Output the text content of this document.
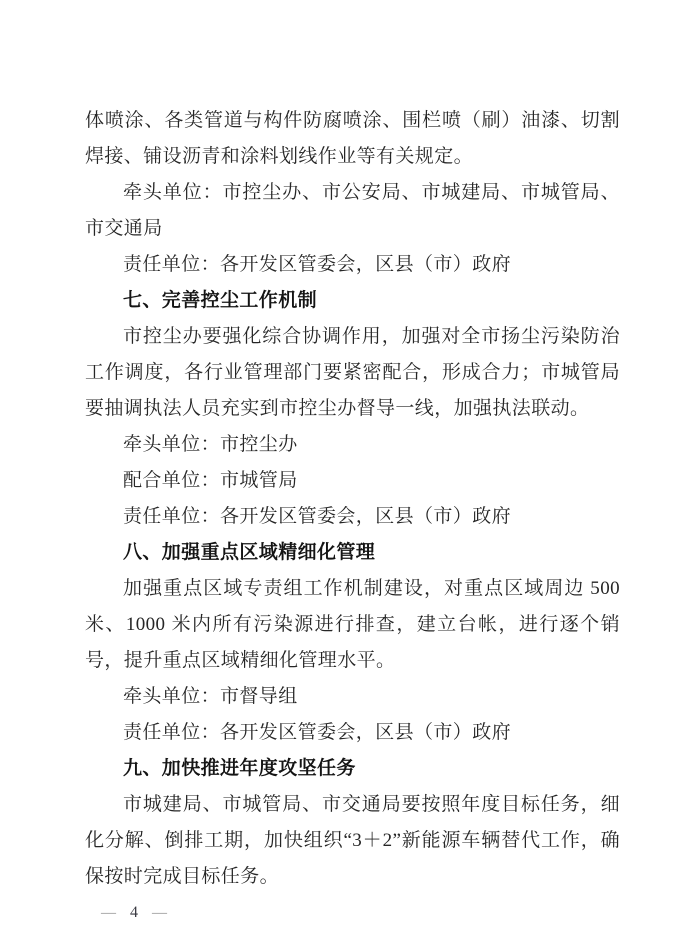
体喷涂、各类管道与构件防腐喷涂、围栏喷（刷）油漆、切割焊接、铺设沥青和涂料划线作业等有关规定。

牵头单位：市控尘办、市公安局、市城建局、市城管局、市交通局

责任单位：各开发区管委会，区县（市）政府

七、完善控尘工作机制

市控尘办要强化综合协调作用，加强对全市扬尘污染防治工作调度，各行业管理部门要紧密配合，形成合力；市城管局要抽调执法人员充实到市控尘办督导一线，加强执法联动。

牵头单位：市控尘办

配合单位：市城管局

责任单位：各开发区管委会，区县（市）政府

八、加强重点区域精细化管理

加强重点区域专责组工作机制建设，对重点区域周边 500 米、1000 米内所有污染源进行排查，建立台帐，进行逐个销号，提升重点区域精细化管理水平。

牵头单位：市督导组

责任单位：各开发区管委会，区县（市）政府

九、加快推进年度攻坚任务

市城建局、市城管局、市交通局要按照年度目标任务，细化分解、倒排工期，加快组织“3＋2”新能源车辆替代工作，确保按时完成目标任务。

— 4 —
